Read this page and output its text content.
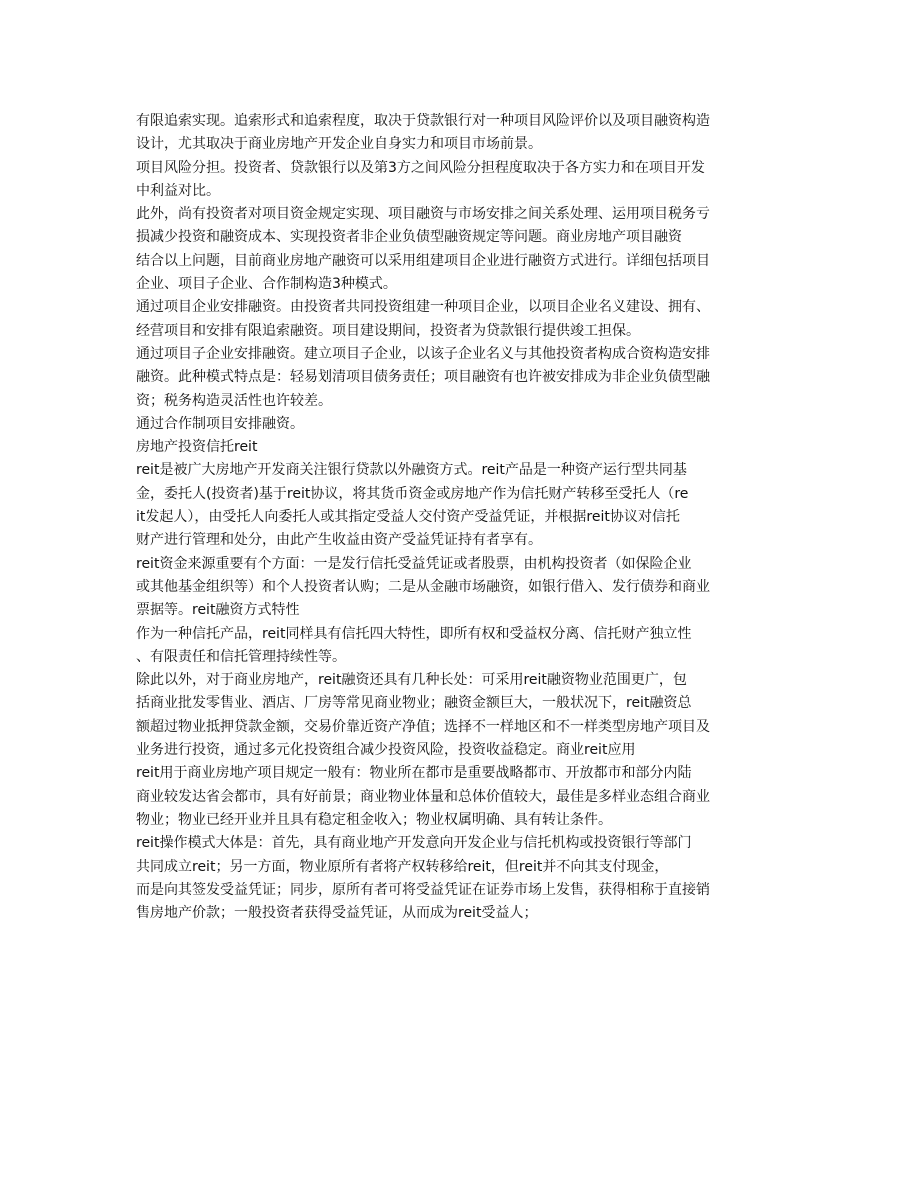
有限追索实现。追索形式和追索程度，取决于贷款银行对一种项目风险评价以及项目融资构造
设计，尤其取决于商业房地产开发企业自身实力和项目市场前景。
项目风险分担。投资者、贷款银行以及第3方之间风险分担程度取决于各方实力和在项目开发
中利益对比。
此外，尚有投资者对项目资金规定实现、项目融资与市场安排之间关系处理、运用项目税务亏
损减少投资和融资成本、实现投资者非企业负债型融资规定等问题。商业房地产项目融资
结合以上问题，目前商业房地产融资可以采用组建项目企业进行融资方式进行。详细包括项目
企业、项目子企业、合作制构造3种模式。
通过项目企业安排融资。由投资者共同投资组建一种项目企业，以项目企业名义建设、拥有、
经营项目和安排有限追索融资。项目建设期间，投资者为贷款银行提供竣工担保。
通过项目子企业安排融资。建立项目子企业，以该子企业名义与其他投资者构成合资构造安排
融资。此种模式特点是：轻易划清项目债务责任；项目融资有也许被安排成为非企业负债型融
资；税务构造灵活性也许较差。
通过合作制项目安排融资。
房地产投资信托reit
reit是被广大房地产开发商关注银行贷款以外融资方式。reit产品是一种资产运行型共同基
金，委托人(投资者)基于reit协议，将其货币资金或房地产作为信托财产转移至受托人（re
it发起人），由受托人向委托人或其指定受益人交付资产受益凭证，并根据reit协议对信托
财产进行管理和处分，由此产生收益由资产受益凭证持有者享有。
reit资金来源重要有个方面：一是发行信托受益凭证或者股票，由机构投资者（如保险企业
或其他基金组织等）和个人投资者认购；二是从金融市场融资，如银行借入、发行债券和商业
票据等。reit融资方式特性
作为一种信托产品，reit同样具有信托四大特性，即所有权和受益权分离、信托财产独立性
、有限责任和信托管理持续性等。
除此以外，对于商业房地产，reit融资还具有几种长处：可采用reit融资物业范围更广，包
括商业批发零售业、酒店、厂房等常见商业物业；融资金额巨大，一般状况下，reit融资总
额超过物业抵押贷款金额，交易价靠近资产净值；选择不一样地区和不一样类型房地产项目及
业务进行投资，通过多元化投资组合减少投资风险，投资收益稳定。商业reit应用
reit用于商业房地产项目规定一般有：物业所在都市是重要战略都市、开放都市和部分内陆
商业较发达省会都市，具有好前景；商业物业体量和总体价值较大，最佳是多样业态组合商业
物业；物业已经开业并且具有稳定租金收入；物业权属明确、具有转让条件。
reit操作模式大体是：首先，具有商业地产开发意向开发企业与信托机构或投资银行等部门
共同成立reit；另一方面，物业原所有者将产权转移给reit，但reit并不向其支付现金，
而是向其签发受益凭证；同步，原所有者可将受益凭证在证券市场上发售，获得相称于直接销
售房地产价款；一般投资者获得受益凭证，从而成为reit受益人；
